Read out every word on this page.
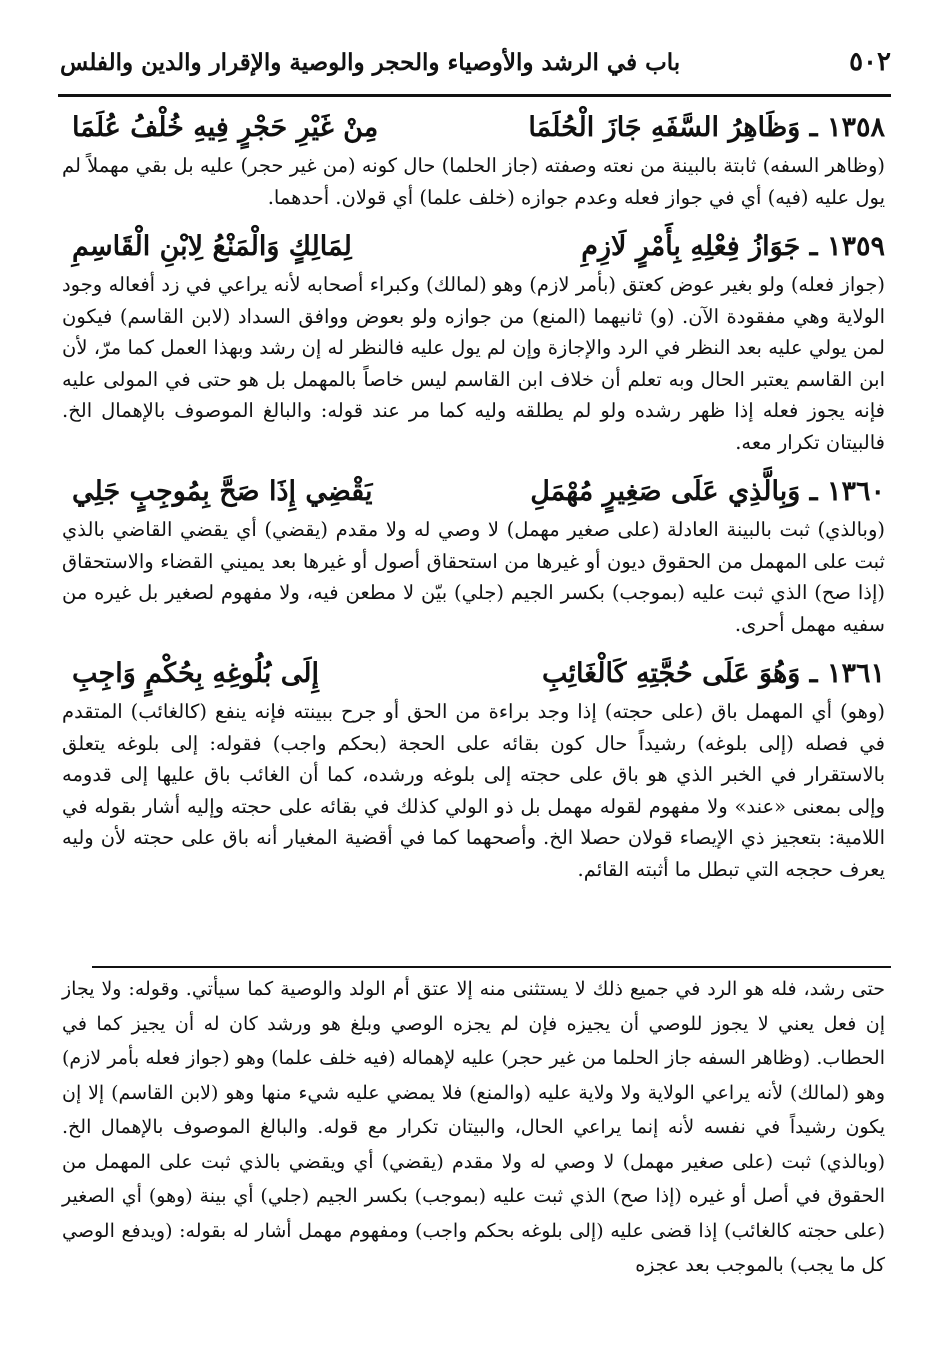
٥٠٢
باب في الرشد والأوصياء والحجر والوصية والإقرار والدين والفلس
١٣٥٨ ـ وَظَاهِرُ السَّفَهِ جَازَ الْحُلَمَا
مِنْ غَيْرِ حَجْرٍ فِيهِ خُلْفُ عُلَمَا
(وظاهر السفه) ثابتة بالبينة من نعته وصفته (جاز الحلما) حال كونه (من غير حجر) عليه بل بقي مهملاً لم يول عليه (فيه) أي في جواز فعله وعدم جوازه (خلف علما) أي قولان. أحدهما.
١٣٥٩ ـ جَوَازُ فِعْلِهِ بِأَمْرٍ لَازِمِ
لِمَالِكٍ وَالْمَنْعُ لِابْنِ الْقَاسِمِ
(جواز فعله) ولو بغير عوض كعتق (بأمر لازم) وهو (لمالك) وكبراء أصحابه لأنه يراعي في زد أفعاله وجود الولاية وهي مفقودة الآن. (و) ثانيهما (المنع) من جوازه ولو بعوض ووافق السداد (لابن القاسم) فيكون لمن يولي عليه بعد النظر في الرد والإجازة وإن لم يول عليه فالنظر له إن رشد وبهذا العمل كما مرّ، لأن ابن القاسم يعتبر الحال وبه تعلم أن خلاف ابن القاسم ليس خاصاً بالمهمل بل هو حتى في المولى عليه فإنه يجوز فعله إذا ظهر رشده ولو لم يطلقه وليه كما مر عند قوله: والبالغ الموصوف بالإهمال الخ. فالبيتان تكرار معه.
١٣٦٠ ـ وَبِالَّذِي عَلَى صَغِيرٍ مُهْمَلِ
يَقْضِي إِذَا صَحَّ بِمُوجِبٍ جَلِي
(وبالذي) ثبت بالبينة العادلة (على صغير مهمل) لا وصي له ولا مقدم (يقضي) أي يقضي القاضي بالذي ثبت على المهمل من الحقوق ديون أو غيرها من استحقاق أصول أو غيرها بعد يميني القضاء والاستحقاق (إذا صح) الذي ثبت عليه (بموجب) بكسر الجيم (جلي) بيّن لا مطعن فيه، ولا مفهوم لصغير بل غيره من سفيه مهمل أحرى.
١٣٦١ ـ وَهُوَ عَلَى حُجَّتِهِ كَالْغَائِبِ
إِلَى بُلُوغِهِ بِحُكْمٍ وَاجِبِ
(وهو) أي المهمل باق (على حجته) إذا وجد براءة من الحق أو جرح ببينته فإنه ينفع (كالغائب) المتقدم في فصله (إلى بلوغه) رشيداً حال كون بقائه على الحجة (بحكم واجب) فقوله: إلى بلوغه يتعلق بالاستقرار في الخبر الذي هو باق على حجته إلى بلوغه ورشده، كما أن الغائب باق عليها إلى قدومه وإلى بمعنى «عند» ولا مفهوم لقوله مهمل بل ذو الولي كذلك في بقائه على حجته وإليه أشار بقوله في اللامية: بتعجيز ذي الإيصاء قولان حصلا الخ. وأصحهما كما في أقضية المغيار أنه باق على حجته لأن وليه يعرف حججه التي تبطل ما أثبته القائم.

حتى رشد، فله هو الرد في جميع ذلك لا يستثنى منه إلا عتق أم الولد والوصية كما سيأتي. وقوله: ولا يجاز إن فعل يعني لا يجوز للوصي أن يجيزه فإن لم يجزه الوصي وبلغ هو ورشد كان له أن يجيز كما في الحطاب. (وظاهر السفه جاز الحلما من غير حجر) عليه لإهماله (فيه خلف علما) وهو (جواز فعله بأمر لازم) وهو (لمالك) لأنه يراعي الولاية ولا ولاية عليه (والمنع) فلا يمضي عليه شيء منها وهو (لابن القاسم) إلا إن يكون رشيداً في نفسه لأنه إنما يراعي الحال، والبيتان تكرار مع قوله. والبالغ الموصوف بالإهمال الخ. (وبالذي) ثبت (على صغير مهمل) لا وصي له ولا مقدم (يقضي) أي ويقضي بالذي ثبت على المهمل من الحقوق في أصل أو غيره (إذا صح) الذي ثبت عليه (بموجب) بكسر الجيم (جلي) أي بينة (وهو) أي الصغير (على حجته كالغائب) إذا قضى عليه (إلى بلوغه بحكم واجب) ومفهوم مهمل أشار له بقوله: (ويدفع الوصي كل ما يجب) بالموجب بعد عجزه
